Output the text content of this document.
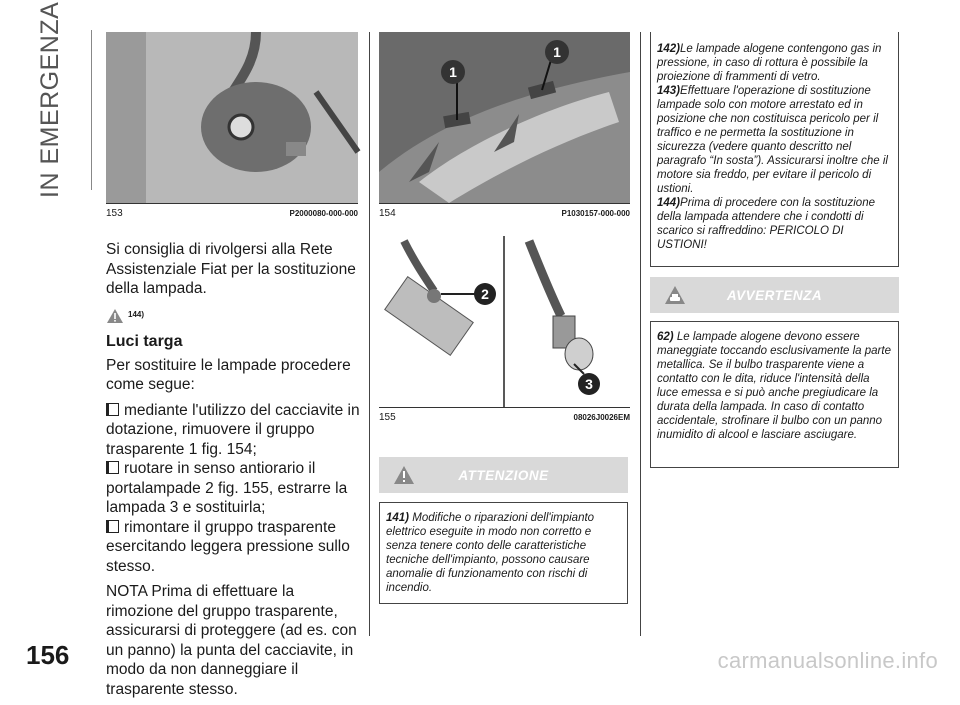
IN EMERGENZA
156	carmanualsonline.info
153	P2000080-000-000

Si consiglia di rivolgersi alla Rete Assistenziale Fiat per la sostituzione della lampada.

144)
Luci targa

Per sostituire le lampade procedere come segue:

mediante l'utilizzo del cacciavite in dotazione, rimuovere il gruppo trasparente 1 fig. 154;

ruotare in senso antiorario il portalampade 2 fig. 155, estrarre la lampada 3 e sostituirla;

rimontare il gruppo trasparente esercitando leggera pressione sullo stesso.

NOTA Prima di effettuare la rimozione del gruppo trasparente, assicurarsi di proteggere (ad es. con un panno) la punta del cacciavite, in modo da non danneggiare il trasparente stesso.

1
1
154	P1030157-000-000
2
3
155	08026J0026EM
ATTENZIONE
141) Modifiche o riparazioni dell'impianto elettrico eseguite in modo non corretto e senza tenere conto delle caratteristiche tecniche dell'impianto, possono causare anomalie di funzionamento con rischi di incendio.
142)Le lampade alogene contengono gas in pressione, in caso di rottura è possibile la proiezione di frammenti di vetro.
143)Effettuare l'operazione di sostituzione lampade solo con motore arrestato ed in posizione che non costituisca pericolo per il traffico e ne permetta la sostituzione in sicurezza (vedere quanto descritto nel paragrafo “In sosta”). Assicurarsi inoltre che il motore sia freddo, per evitare il pericolo di ustioni.
144)Prima di procedere con la sostituzione della lampada attendere che i condotti di scarico si raffreddino: PERICOLO DI USTIONI!
AVVERTENZA
62) Le lampade alogene devono essere maneggiate toccando esclusivamente la parte metallica. Se il bulbo trasparente viene a contatto con le dita, riduce l'intensità della luce emessa e si può anche pregiudicare la durata della lampada. In caso di contatto accidentale, strofinare il bulbo con un panno inumidito di alcool e lasciare asciugare.
